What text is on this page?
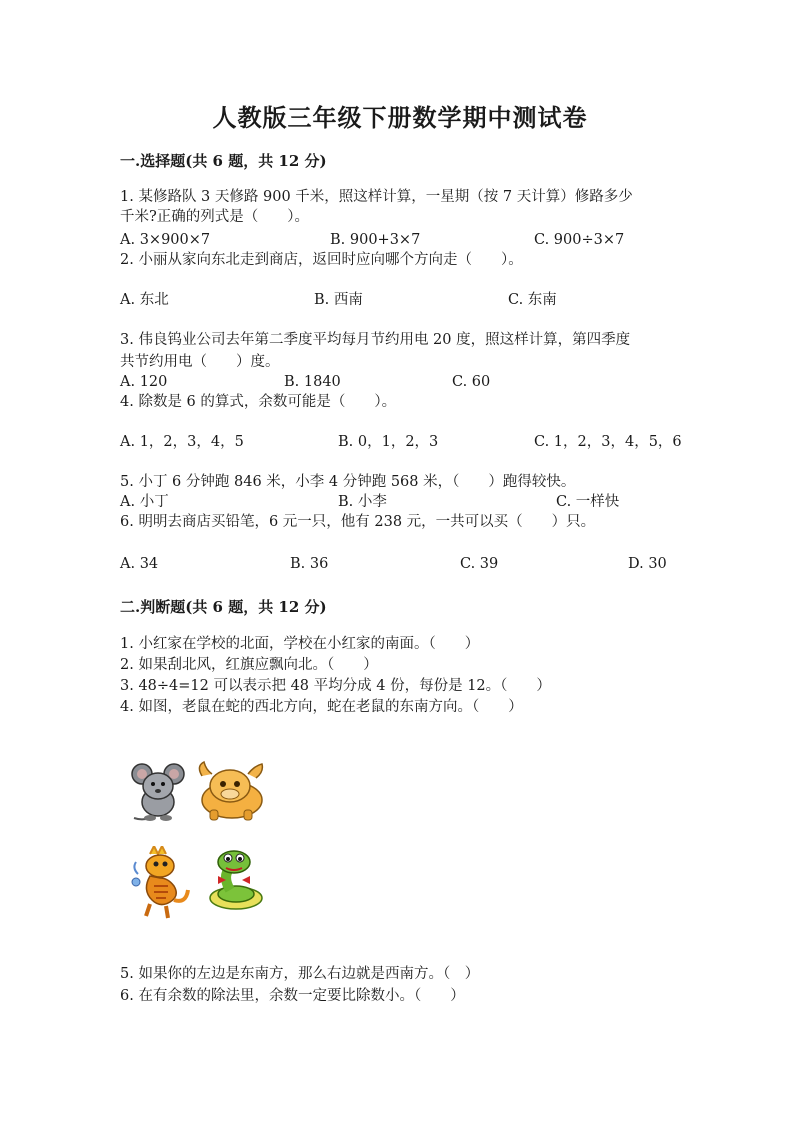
人教版三年级下册数学期中测试卷
一.选择题(共 6 题，共 12 分)
1. 某修路队 3 天修路 900 千米，照这样计算，一星期（按 7 天计算）修路多少
千米?正确的列式是（　　）。
A. 3×900×7	B. 900+3×7	C. 900÷3×7
2. 小丽从家向东北走到商店，返回时应向哪个方向走（　　）。
A. 东北	B. 西南	C. 东南
3. 伟良钨业公司去年第二季度平均每月节约用电 20 度，照这样计算，第四季度
共节约用电（　　）度。
A. 120	B. 1840	C. 60
4. 除数是 6 的算式，余数可能是（　　）。
A. 1，2，3，4，5	B. 0，1，2，3	C. 1，2，3，4，5，6
5. 小丁 6 分钟跑 846 米，小李 4 分钟跑 568 米，（　　）跑得较快。
A. 小丁	B. 小李	C. 一样快
6. 明明去商店买铅笔，6 元一只，他有 238 元，一共可以买（　　）只。
A. 34	B. 36	C. 39	D. 30
二.判断题(共 6 题，共 12 分)
1. 小红家在学校的北面，学校在小红家的南面。（　　）
2. 如果刮北风，红旗应飘向北。（　　）
3. 48÷4=12 可以表示把 48 平均分成 4 份，每份是 12。（　　）
4. 如图，老鼠在蛇的西北方向，蛇在老鼠的东南方向。（　　）
5. 如果你的左边是东南方，那么右边就是西南方。（　）
6. 在有余数的除法里，余数一定要比除数小。（　　）
